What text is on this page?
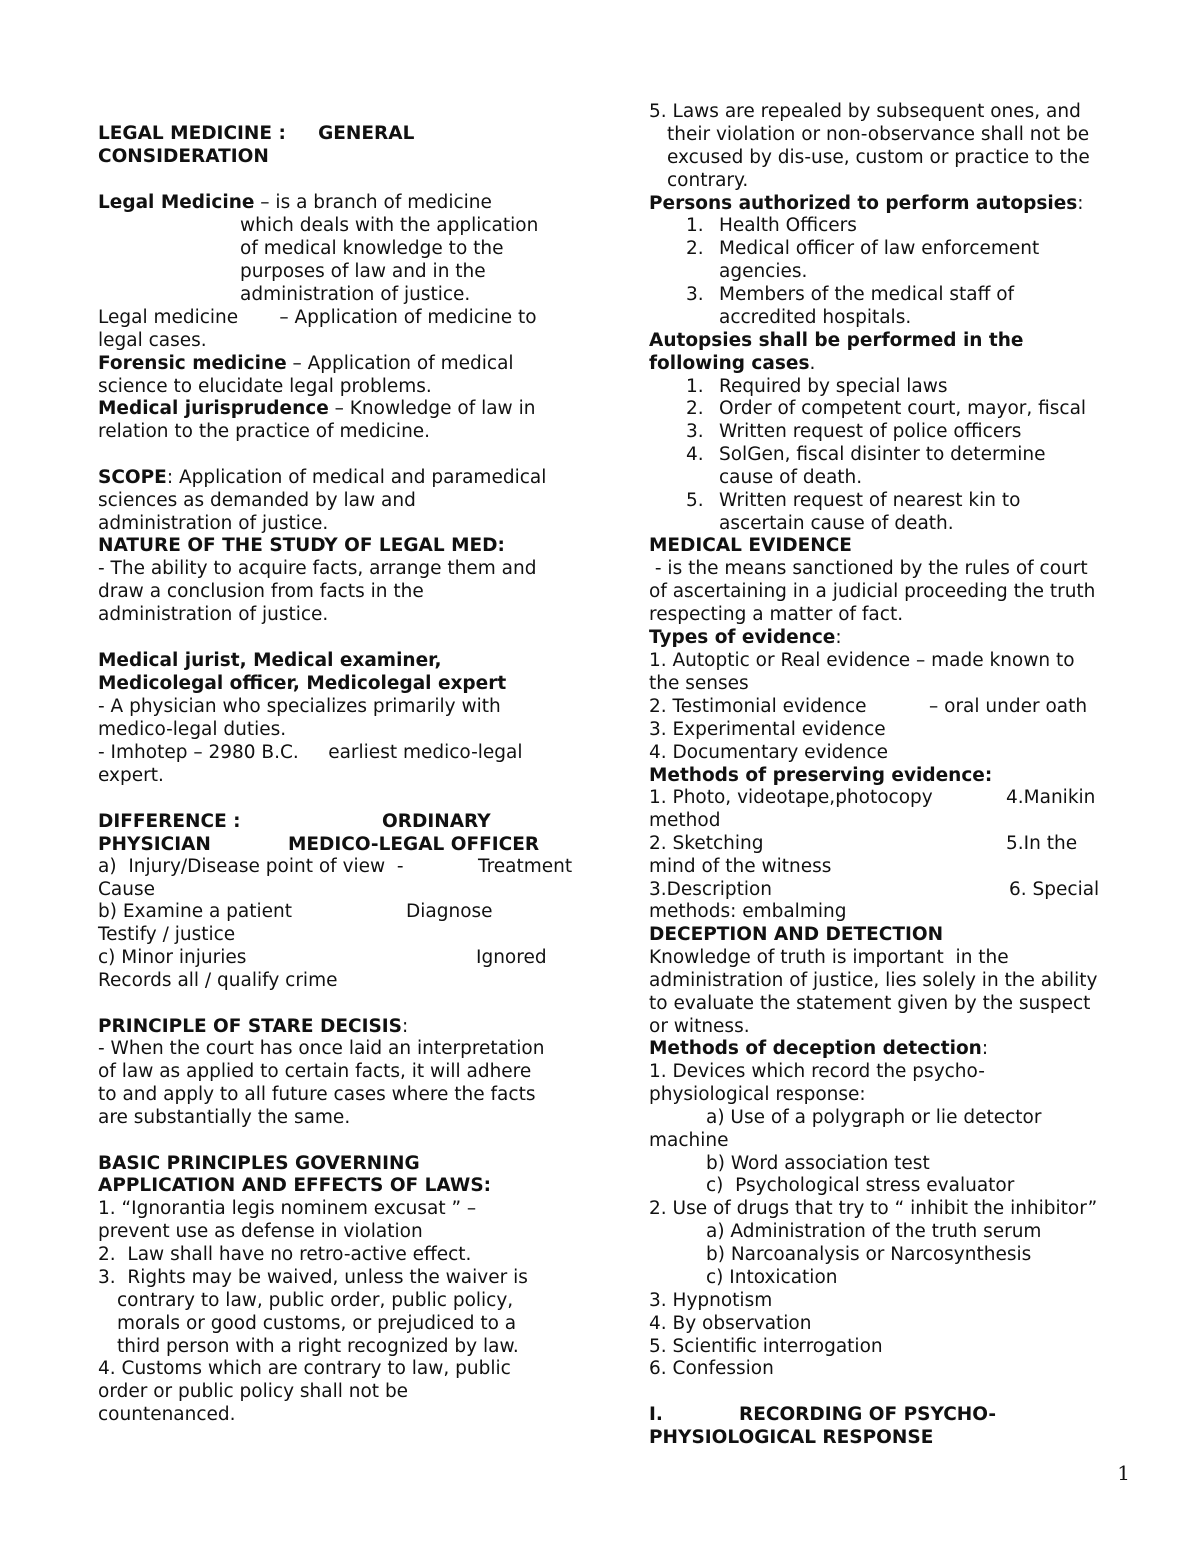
LEGAL MEDICINE :     GENERAL
CONSIDERATION
Legal Medicine – is a branch of medicine
which deals with the application
of medical knowledge to the
purposes of law and in the
administration of justice.
Legal medicine       – Application of medicine to
legal cases.
Forensic medicine – Application of medical
science to elucidate legal problems.
Medical jurisprudence – Knowledge of law in
relation to the practice of medicine.
SCOPE: Application of medical and paramedical
sciences as demanded by law and
administration of justice.
NATURE OF THE STUDY OF LEGAL MED:
- The ability to acquire facts, arrange them and
draw a conclusion from facts in the
administration of justice.
Medical jurist, Medical examiner,
Medicolegal officer, Medicolegal expert
- A physician who specializes primarily with
medico-legal duties.
- Imhotep – 2980 B.C.     earliest medico-legal
expert.
DIFFERENCE :	ORDINARY
PHYSICIAN	MEDICO-LEGAL OFFICER
a)  Injury/Disease point of view  -	Treatment
Cause
b) Examine a patient	Diagnose
Testify / justice
c) Minor injuries	Ignored
Records all / qualify crime
PRINCIPLE OF STARE DECISIS:
- When the court has once laid an interpretation
of law as applied to certain facts, it will adhere
to and apply to all future cases where the facts
are substantially the same.
BASIC PRINCIPLES GOVERNING
APPLICATION AND EFFECTS OF LAWS:
1. “Ignorantia legis nominem excusat ” –
prevent use as defense in violation
2.  Law shall have no retro-active effect.
3.  Rights may be waived, unless the waiver is
contrary to law, public order, public policy,
morals or good customs, or prejudiced to a
third person with a right recognized by law.
4. Customs which are contrary to law, public
order or public policy shall not be
countenanced.
5. Laws are repealed by subsequent ones, and
their violation or non-observance shall not be
excused by dis-use, custom or practice to the
contrary.
Persons authorized to perform autopsies:
1. Health Officers
2. Medical officer of law enforcement
agencies.
3. Members of the medical staff of
accredited hospitals.
Autopsies shall be performed in the
following cases.
1. Required by special laws
2. Order of competent court, mayor, fiscal
3. Written request of police officers
4. SolGen, fiscal disinter to determine
cause of death.
5. Written request of nearest kin to
ascertain cause of death.
MEDICAL EVIDENCE
- is the means sanctioned by the rules of court
of ascertaining in a judicial proceeding the truth
respecting a matter of fact.
Types of evidence:
1. Autoptic or Real evidence – made known to
the senses
2. Testimonial evidence	– oral under oath
3. Experimental evidence
4. Documentary evidence
Methods of preserving evidence:
1. Photo, videotape,photocopy	4.Manikin
method
2. Sketching	5.In the
mind of the witness
3.Description	6. Special
methods: embalming
DECEPTION AND DETECTION
Knowledge of truth is important  in the
administration of justice, lies solely in the ability
to evaluate the statement given by the suspect
or witness.
Methods of deception detection:
1. Devices which record the psycho-
physiological response:
a) Use of a polygraph or lie detector
machine
b) Word association test
c)  Psychological stress evaluator
2. Use of drugs that try to “ inhibit the inhibitor”
a) Administration of the truth serum
b) Narcoanalysis or Narcosynthesis
c) Intoxication
3. Hypnotism
4. By observation
5. Scientific interrogation
6. Confession
I.	RECORDING OF PSYCHO-
PHYSIOLOGICAL RESPONSE
1
